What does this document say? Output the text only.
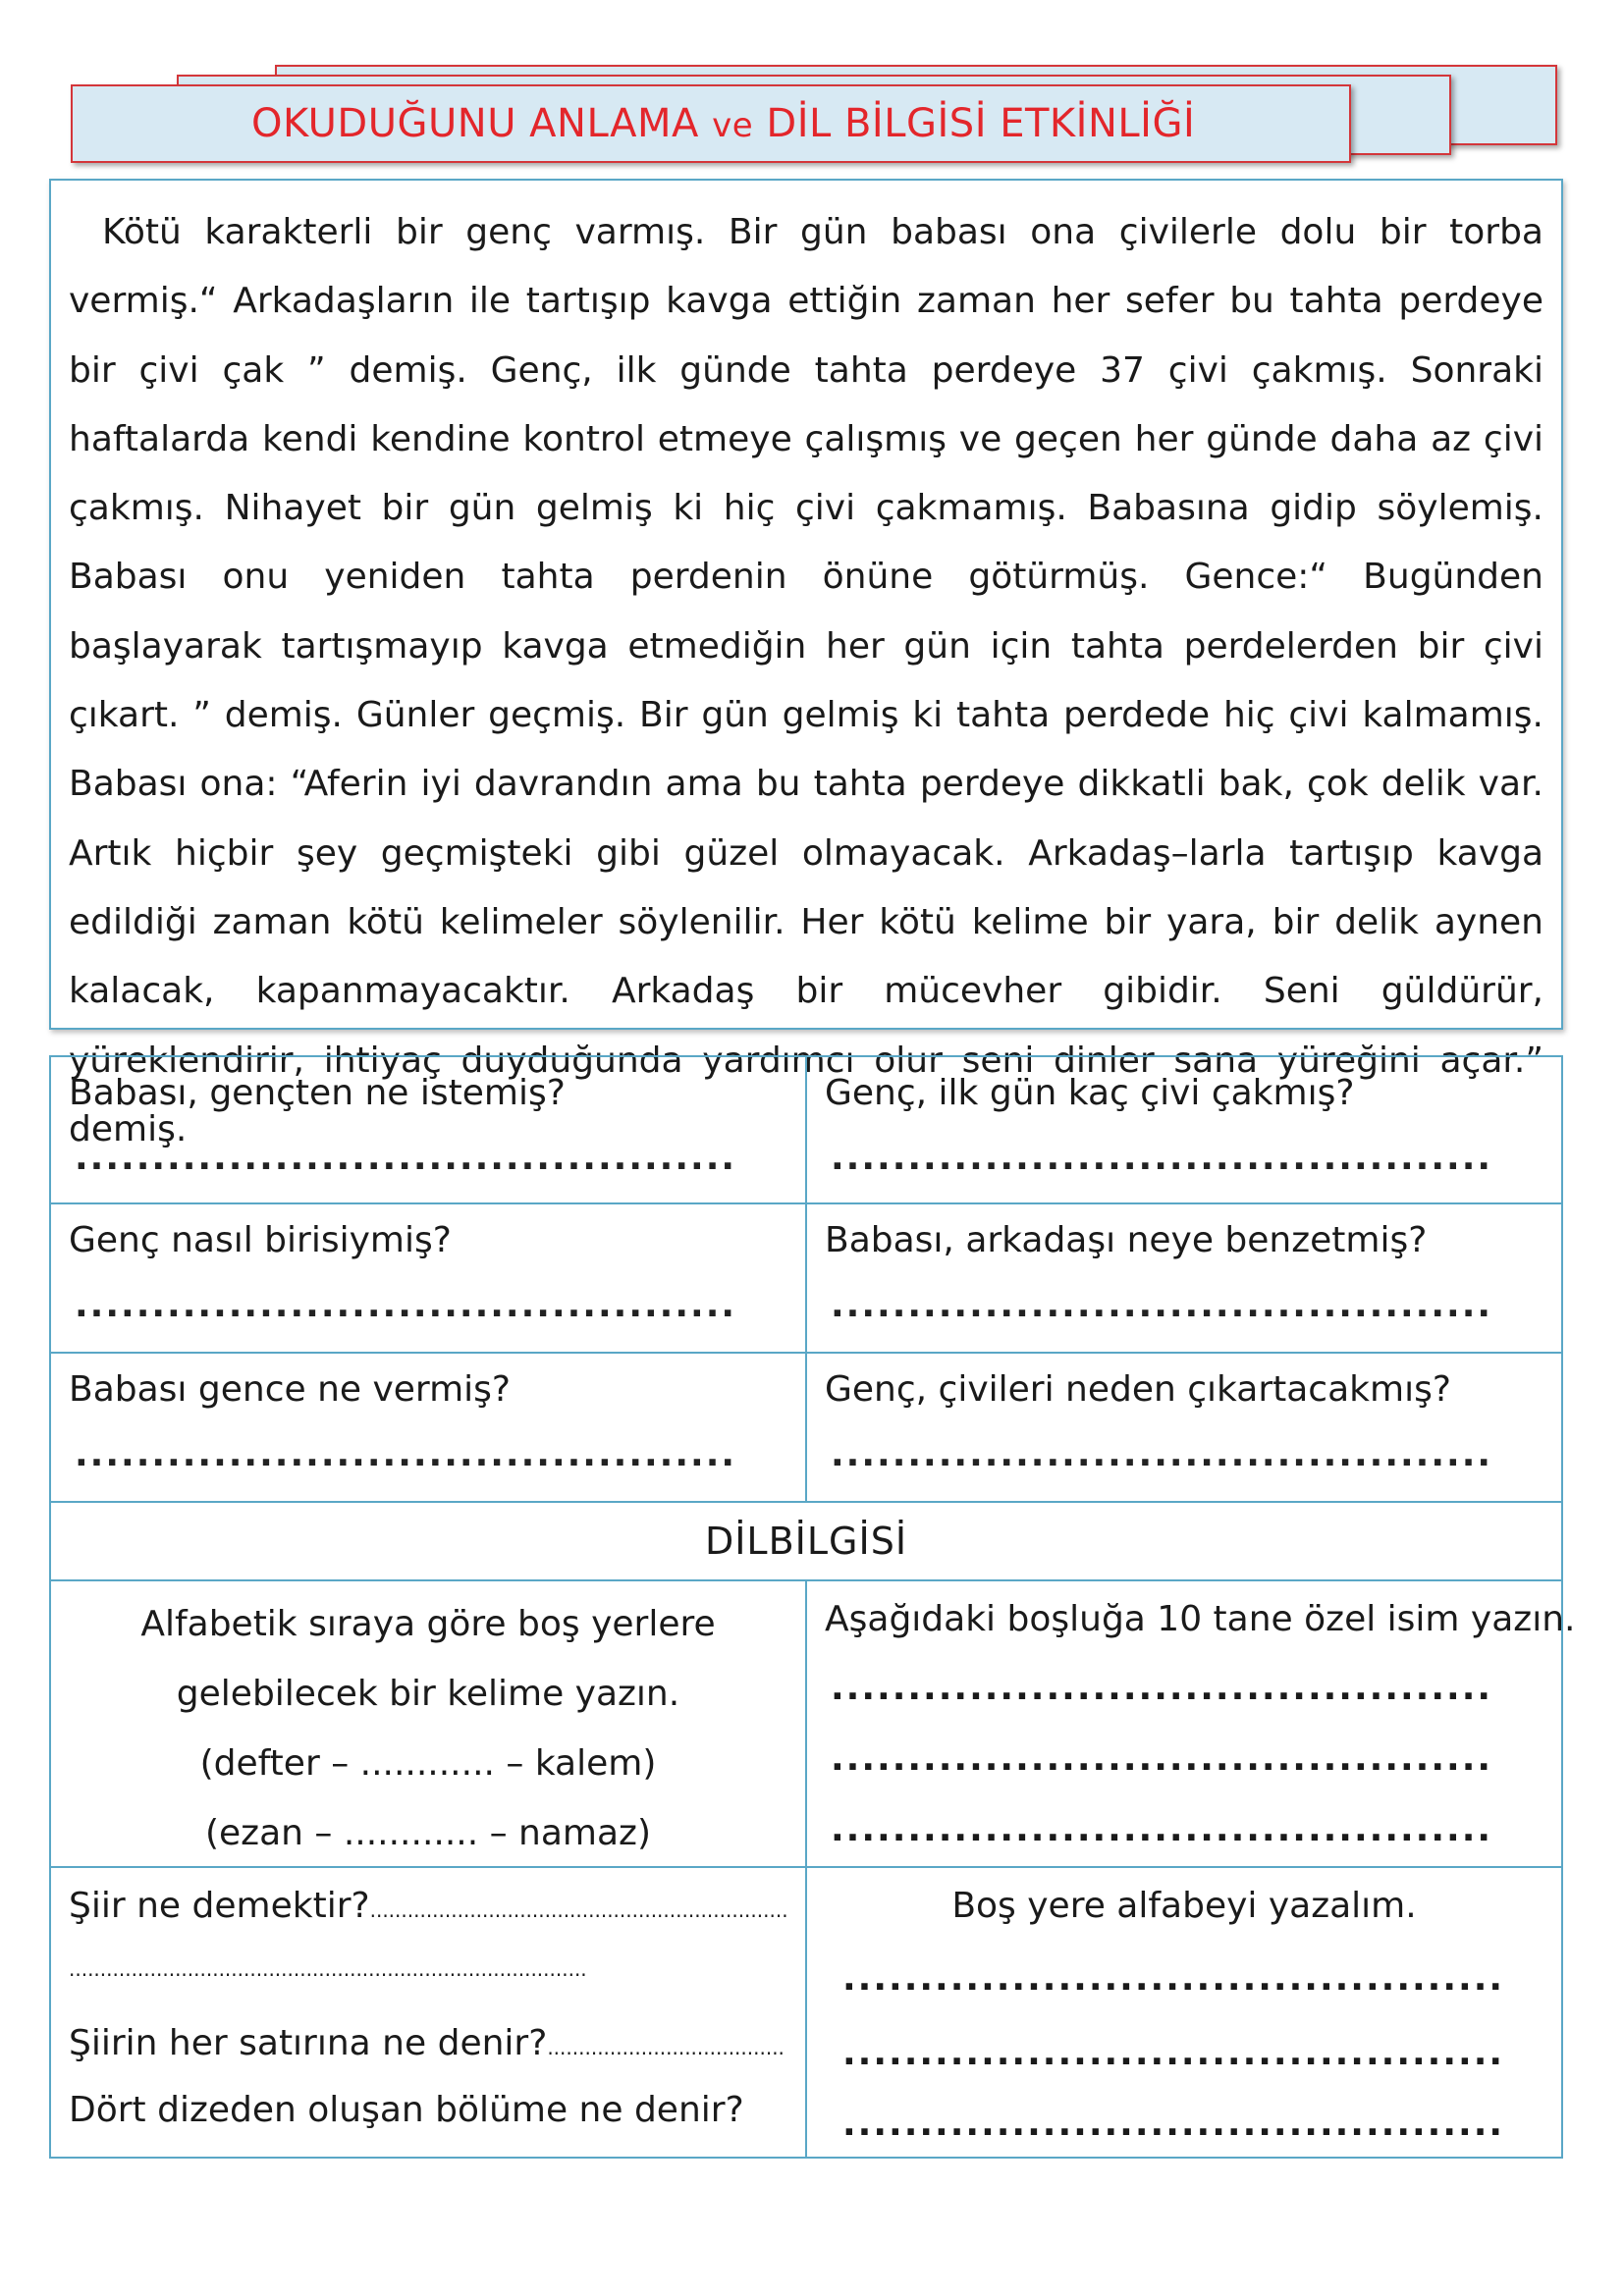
OKUDUĞUNU ANLAMA ve DİL BİLGİSİ ETKİNLİĞİ

Kötü karakterli bir genç varmış. Bir gün babası ona çivilerle dolu bir torba vermiş.“ Arkadaşların ile tartışıp kavga ettiğin zaman her sefer bu tahta perdeye bir çivi çak ” demiş. Genç, ilk günde tahta perdeye 37 çivi çakmış. Sonraki haftalarda kendi kendine kontrol etmeye çalışmış ve geçen her günde daha az çivi çakmış. Nihayet bir gün gelmiş ki hiç çivi çakmamış. Babasına gidip söylemiş. Babası onu yeniden tahta perdenin önüne götürmüş. Gence:“ Bugünden başlayarak tartışmayıp kavga etmediğin her gün için tahta perdelerden bir çivi çıkart. ” demiş. Günler geçmiş. Bir gün gelmiş ki tahta perdede hiç çivi kalmamış. Babası ona: “Aferin iyi davrandın ama bu tahta perdeye dikkatli bak, çok delik var. Artık hiçbir şey geçmişteki gibi güzel olmayacak. Arkadaş–larla tartışıp kavga edildiği zaman kötü kelimeler söylenilir. Her kötü kelime bir yara, bir delik aynen kalacak, kapanmayacaktır. Arkadaş bir mücevher gibidir. Seni güldürür, yüreklendirir, ihtiyaç duyduğunda yardımcı olur seni dinler sana yüreğini açar.” demiş.

Babası, gençten ne istemiş?
...........................................
Genç, ilk gün kaç çivi çakmış?
...........................................
Genç nasıl birisiymiş?
...........................................
Babası, arkadaşı neye benzetmiş?
...........................................
Babası gence ne vermiş?
...........................................
Genç, çivileri neden çıkartacakmış?
...........................................
DİLBİLGİSİ
Alfabetik sıraya göre boş yerlere
gelebilecek bir kelime yazın.
(defter – ............ – kalem)
(ezan – ............ – namaz)
Aşağıdaki boşluğa 10 tane özel isim yazın.
...........................................
...........................................
...........................................
Şiir ne demektir?...................................................................
...................................................................................
Şiirin her satırına ne denir?......................................
Dört dizeden oluşan bölüme ne denir?
Boş yere alfabeyi yazalım.
...........................................
...........................................
...........................................
